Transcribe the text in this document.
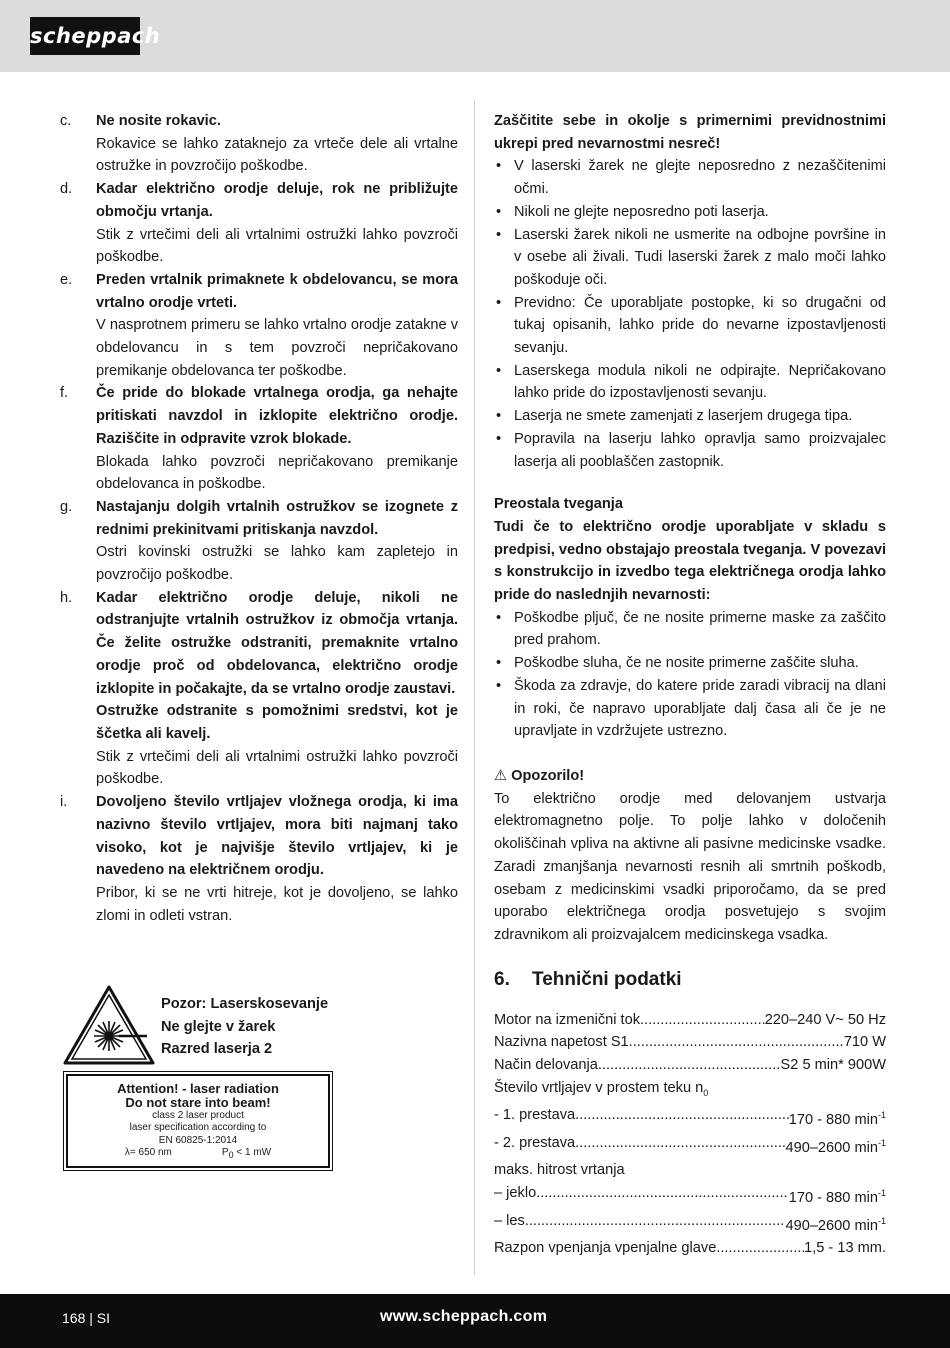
scheppach
c.	Ne nosite rokavic.
Rokavice se lahko zataknejo za vrteče dele ali vrtalne ostružke in povzročijo poškodbe.
d.	Kadar električno orodje deluje, rok ne približujte območju vrtanja.
Stik z vrtečimi deli ali vrtalnimi ostružki lahko povzroči poškodbe.
e.	Preden vrtalnik primaknete k obdelovancu, se mora vrtalno orodje vrteti.
V nasprotnem primeru se lahko vrtalno orodje zatakne v obdelovancu in s tem povzroči nepričakovano premikanje obdelovanca ter poškodbe.
f.	Če pride do blokade vrtalnega orodja, ga nehajte pritiskati navzdol in izklopite električno orodje. Raziščite in odpravite vzrok blokade.
Blokada lahko povzroči nepričakovano premikanje obdelovanca in poškodbe.
g.	Nastajanju dolgih vrtalnih ostružkov se izognete z rednimi prekinitvami pritiskanja navzdol.
Ostri kovinski ostružki se lahko kam zapletejo in povzročijo poškodbe.
h.	Kadar električno orodje deluje, nikoli ne odstranjujte vrtalnih ostružkov iz območja vrtanja. Če želite ostružke odstraniti, premaknite vrtalno orodje proč od obdelovanca, električno orodje izklopite in počakajte, da se vrtalno orodje zaustavi.
Ostružke odstranite s pomožnimi sredstvi, kot je ščetka ali kavelj.
Stik z vrtečimi deli ali vrtalnimi ostružki lahko povzroči poškodbe.
i.	Dovoljeno število vrtljajev vložnega orodja, ki ima nazivno število vrtljajev, mora biti najmanj tako visoko, kot je najvišje število vrtljajev, ki je navedeno na električnem orodju.
Pribor, ki se ne vrti hitreje, kot je dovoljeno, se lahko zlomi in odleti vstran.
Pozor: Laserskosevanje
Ne glejte v žarek
Razred laserja 2
Attention! - laser radiation
Do not stare into beam!
class 2 laser product
laser specification according to
EN 60825-1:2014
λ= 650 nm	$P_0 < 1$ mW
Zaščitite sebe in okolje s primernimi previdnostnimi ukrepi pred nevarnostmi nesreč!
• V laserski žarek ne glejte neposredno z nezaščitenimi očmi.
• Nikoli ne glejte neposredno poti laserja.
• Laserski žarek nikoli ne usmerite na odbojne površine in v osebe ali živali. Tudi laserski žarek z malo moči lahko poškoduje oči.
• Previdno: Če uporabljate postopke, ki so drugačni od tukaj opisanih, lahko pride do nevarne izpostavljenosti sevanju.
• Laserskega modula nikoli ne odpirajte. Nepričakovano lahko pride do izpostavljenosti sevanju.
• Laserja ne smete zamenjati z laserjem drugega tipa.
• Popravila na laserju lahko opravlja samo proizvajalec laserja ali pooblaščen zastopnik.
Preostala tveganja
Tudi če to električno orodje uporabljate v skladu s predpisi, vedno obstajajo preostala tveganja. V povezavi s konstrukcijo in izvedbo tega električnega orodja lahko pride do naslednjih nevarnosti:
• Poškodbe pljuč, če ne nosite primerne maske za zaščito pred prahom.
• Poškodbe sluha, če ne nosite primerne zaščite sluha.
• Škoda za zdravje, do katere pride zaradi vibracij na dlani in roki, če napravo uporabljate dalj časa ali če je ne upravljate in vzdržujete ustrezno.
⚠ Opozorilo!
To električno orodje med delovanjem ustvarja elektromagnetno polje. To polje lahko v določenih okoliščinah vpliva na aktivne ali pasivne medicinske vsadke. Zaradi zmanjšanja nevarnosti resnih ali smrtnih poškodb, osebam z medicinskimi vsadki priporočamo, da se pred uporabo električnega orodja posvetujejo s svojim zdravnikom ali proizvajalcem medicinskega vsadka.
6.	Tehnični podatki
Motor na izmenični tok .....	220–240 V~ 50 Hz
Nazivna napetost S1 .....	710 W
Način delovanja .....	S2 5 min* 900W
Število vrtljajev v prostem teku $n_0$
- 1. prestava .....	170 - 880 $\min^{-1}$
- 2. prestava .....	490–2600 $\min^{-1}$
maks. hitrost vrtanja
– jeklo .....	170 - 880 $\min^{-1}$
– les .....	490–2600 $\min^{-1}$
Razpon vpenjanja vpenjalne glave .....	1,5 - 13 mm.
168 | SI	www.scheppach.com
